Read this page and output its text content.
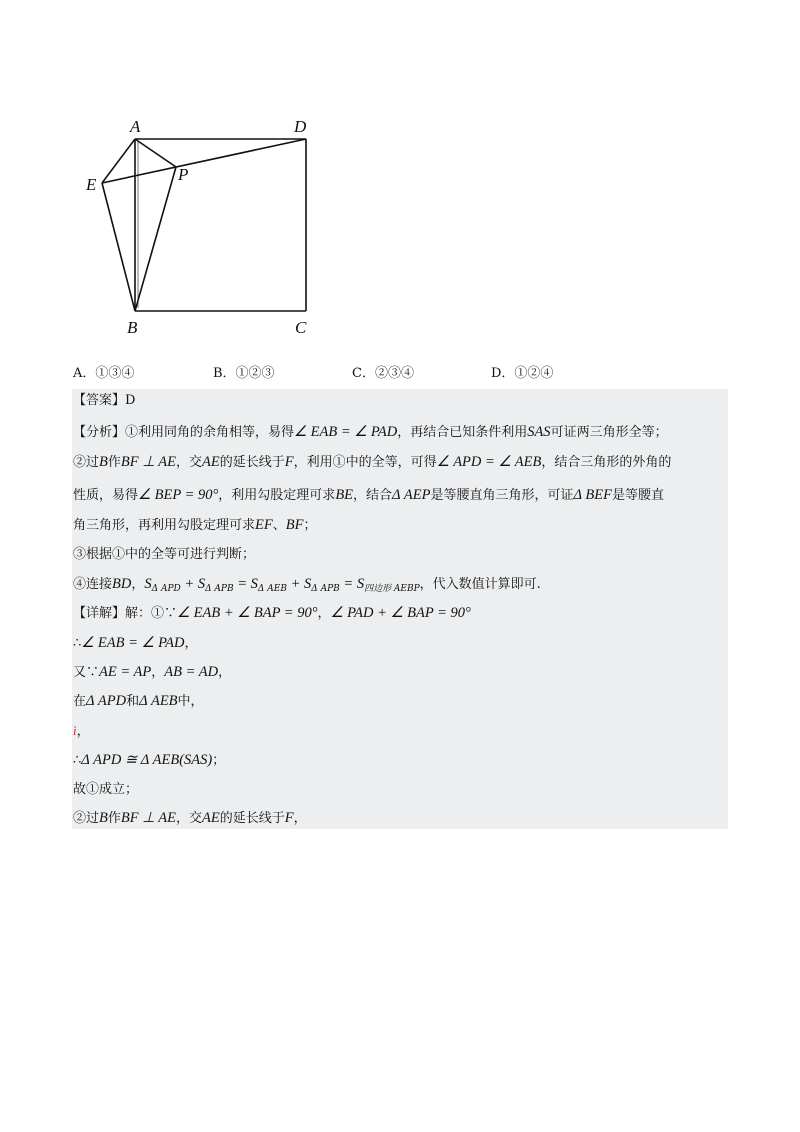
A	D
E
P
B	C
A．①③④	B．①②③	C．②③④	D．①②④
【答案】D
【分析】①利用同角的余角相等，易得∠ EAB = ∠ PAD，再结合已知条件利用SAS可证两三角形全等；
②过B作BF ⊥ AE，交AE的延长线于F，利用①中的全等，可得∠ APD = ∠ AEB，结合三角形的外角的
性质，易得∠ BEP = 90°，利用勾股定理可求BE，结合Δ AEP是等腰直角三角形，可证Δ BEF是等腰直
角三角形，再利用勾股定理可求EF、BF；
③根据①中的全等可进行判断；
④连接BD，$S_{\Delta APD} + S_{\Delta APB} = S_{\Delta AEB} + S_{\Delta APB} = S_{四边形 AEBP}$，代入数值计算即可.
【详解】解：①∵∠ EAB + ∠ BAP = 90°，∠ PAD + ∠ BAP = 90°
∴∠ EAB = ∠ PAD，
又∵AE = AP，AB = AD，
在Δ APD和Δ AEB中，
ì，
∴Δ APD ≅ Δ AEB(SAS)；
故①成立；
②过B作BF ⊥ AE，交AE的延长线于F，
